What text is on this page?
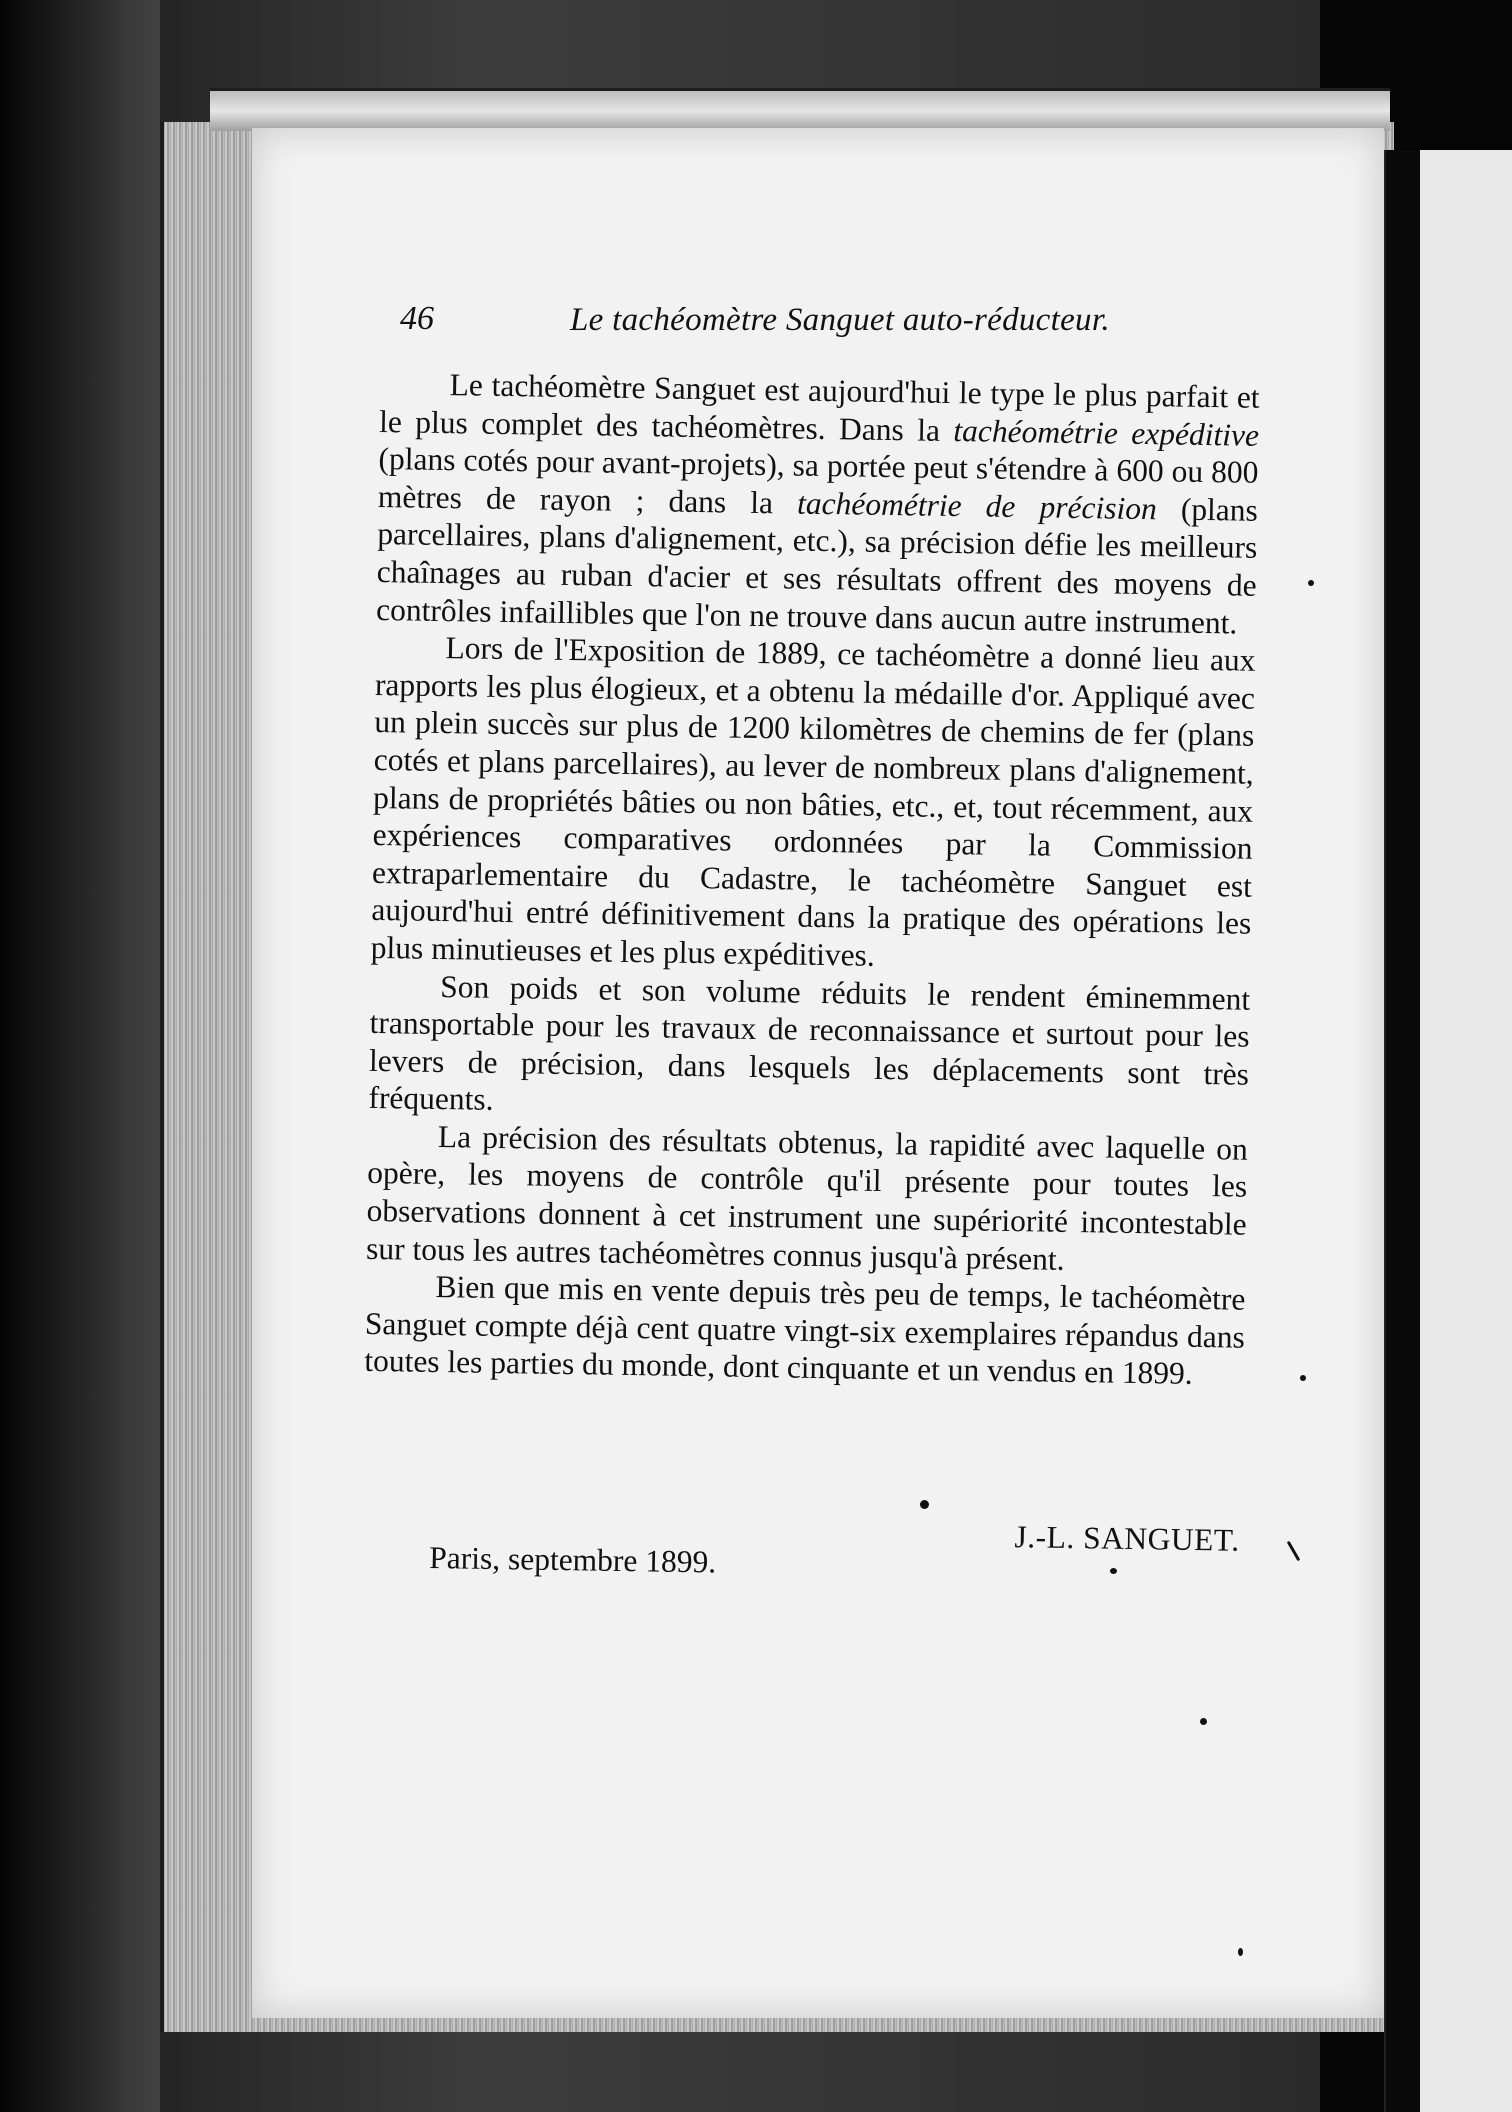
46	Le tachéomètre Sanguet auto-réducteur.

Le tachéomètre Sanguet est aujourd'hui le type le plus parfait et le plus complet des tachéomètres. Dans la tachéométrie expéditive (plans cotés pour avant-projets), sa portée peut s'étendre à 600 ou 800 mètres de rayon ; dans la tachéométrie de précision (plans parcellaires, plans d'alignement, etc.), sa précision défie les meilleurs chaînages au ruban d'acier et ses résultats offrent des moyens de contrôles infaillibles que l'on ne trouve dans aucun autre instrument.

Lors de l'Exposition de 1889, ce tachéomètre a donné lieu aux rapports les plus élogieux, et a obtenu la médaille d'or. Appliqué avec un plein succès sur plus de 1200 kilomètres de chemins de fer (plans cotés et plans parcellaires), au lever de nombreux plans d'alignement, plans de propriétés bâties ou non bâties, etc., et, tout récemment, aux expériences comparatives ordonnées par la Commission extraparlementaire du Cadastre, le tachéomètre Sanguet est aujourd'hui entré définitivement dans la pratique des opérations les plus minutieuses et les plus expéditives.

Son poids et son volume réduits le rendent éminemment transportable pour les travaux de reconnaissance et surtout pour les levers de précision, dans lesquels les déplacements sont très fréquents.

La précision des résultats obtenus, la rapidité avec laquelle on opère, les moyens de contrôle qu'il présente pour toutes les observations donnent à cet instrument une supériorité incontestable sur tous les autres tachéomètres connus jusqu'à présent.

Bien que mis en vente depuis très peu de temps, le tachéomètre Sanguet compte déjà cent quatre vingt-six exemplaires répandus dans toutes les parties du monde, dont cinquante et un vendus en 1899.

J.-L. SANGUET.
Paris, septembre 1899.
